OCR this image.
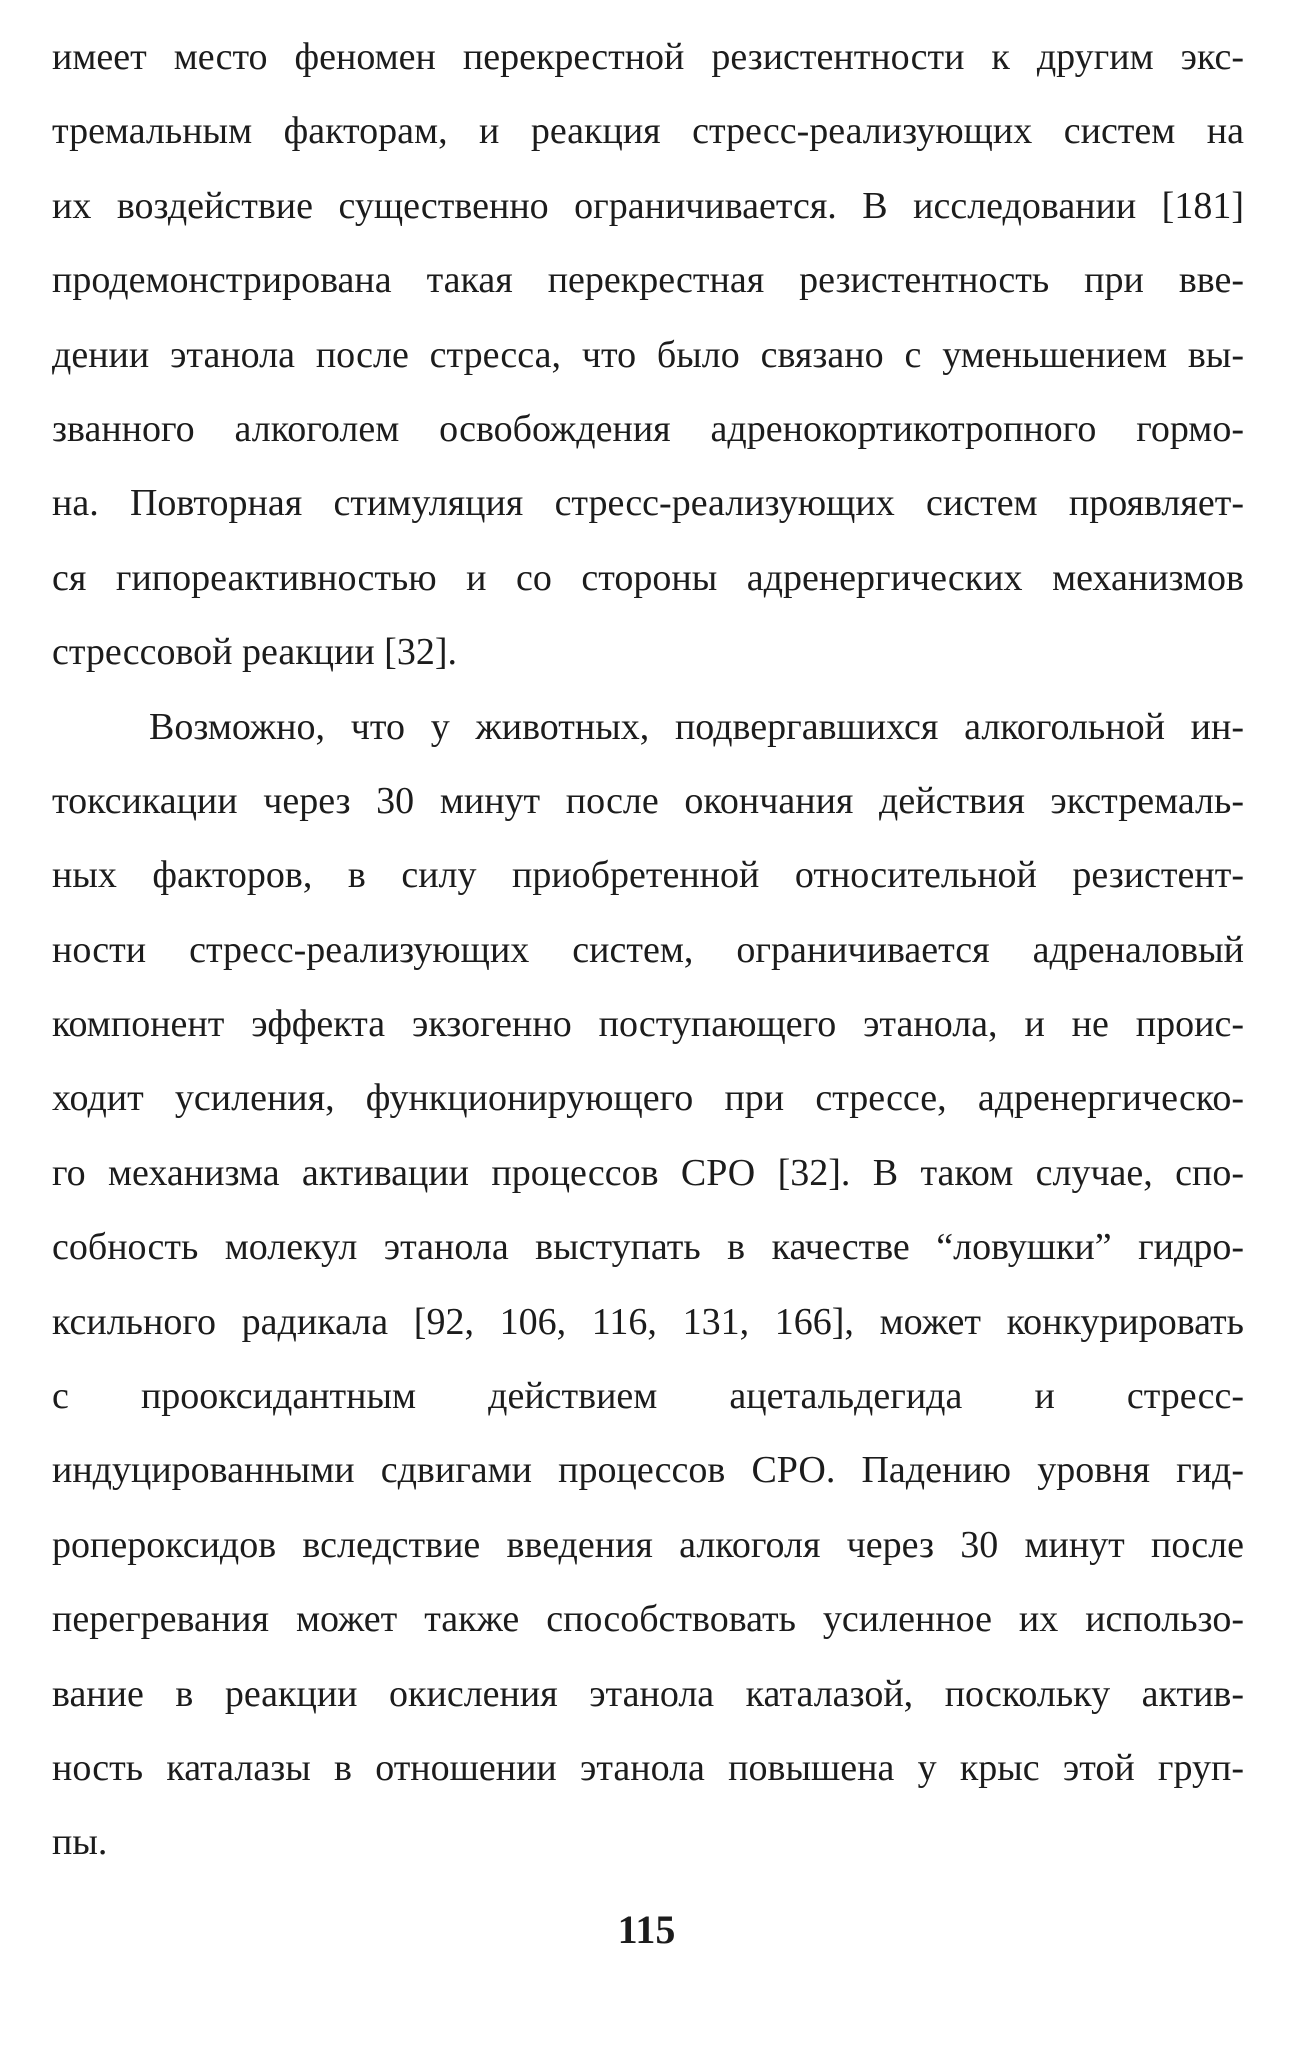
имеет место феномен перекрестной резистентности к другим экс-
тремальным факторам, и реакция стресс-реализующих систем на
их воздействие существенно ограничивается. В исследовании [181]
продемонстрирована такая перекрестная резистентность при вве-
дении этанола после стресса, что было связано с уменьшением вы-
званного алкоголем освобождения адренокортикотропного гормо-
на. Повторная стимуляция стресс-реализующих систем проявляет-
ся гипореактивностью и со стороны адренергических механизмов
стрессовой реакции [32].
Возможно, что у животных, подвергавшихся алкогольной ин-
токсикации через 30 минут после окончания действия экстремаль-
ных факторов, в силу приобретенной относительной резистент-
ности стресс-реализующих систем, ограничивается адреналовый
компонент эффекта экзогенно поступающего этанола, и не проис-
ходит усиления, функционирующего при стрессе, адренергическо-
го механизма активации процессов СРО [32]. В таком случае, спо-
собность молекул этанола выступать в качестве “ловушки” гидро-
ксильного радикала [92, 106, 116, 131, 166], может конкурировать
с прооксидантным действием ацетальдегида и стресс-
индуцированными сдвигами процессов СРО. Падению уровня гид-
ропероксидов вследствие введения алкоголя через 30 минут после
перегревания может также способствовать усиленное их использо-
вание в реакции окисления этанола каталазой, поскольку актив-
ность каталазы в отношении этанола повышена у крыс этой груп-
пы.
115
